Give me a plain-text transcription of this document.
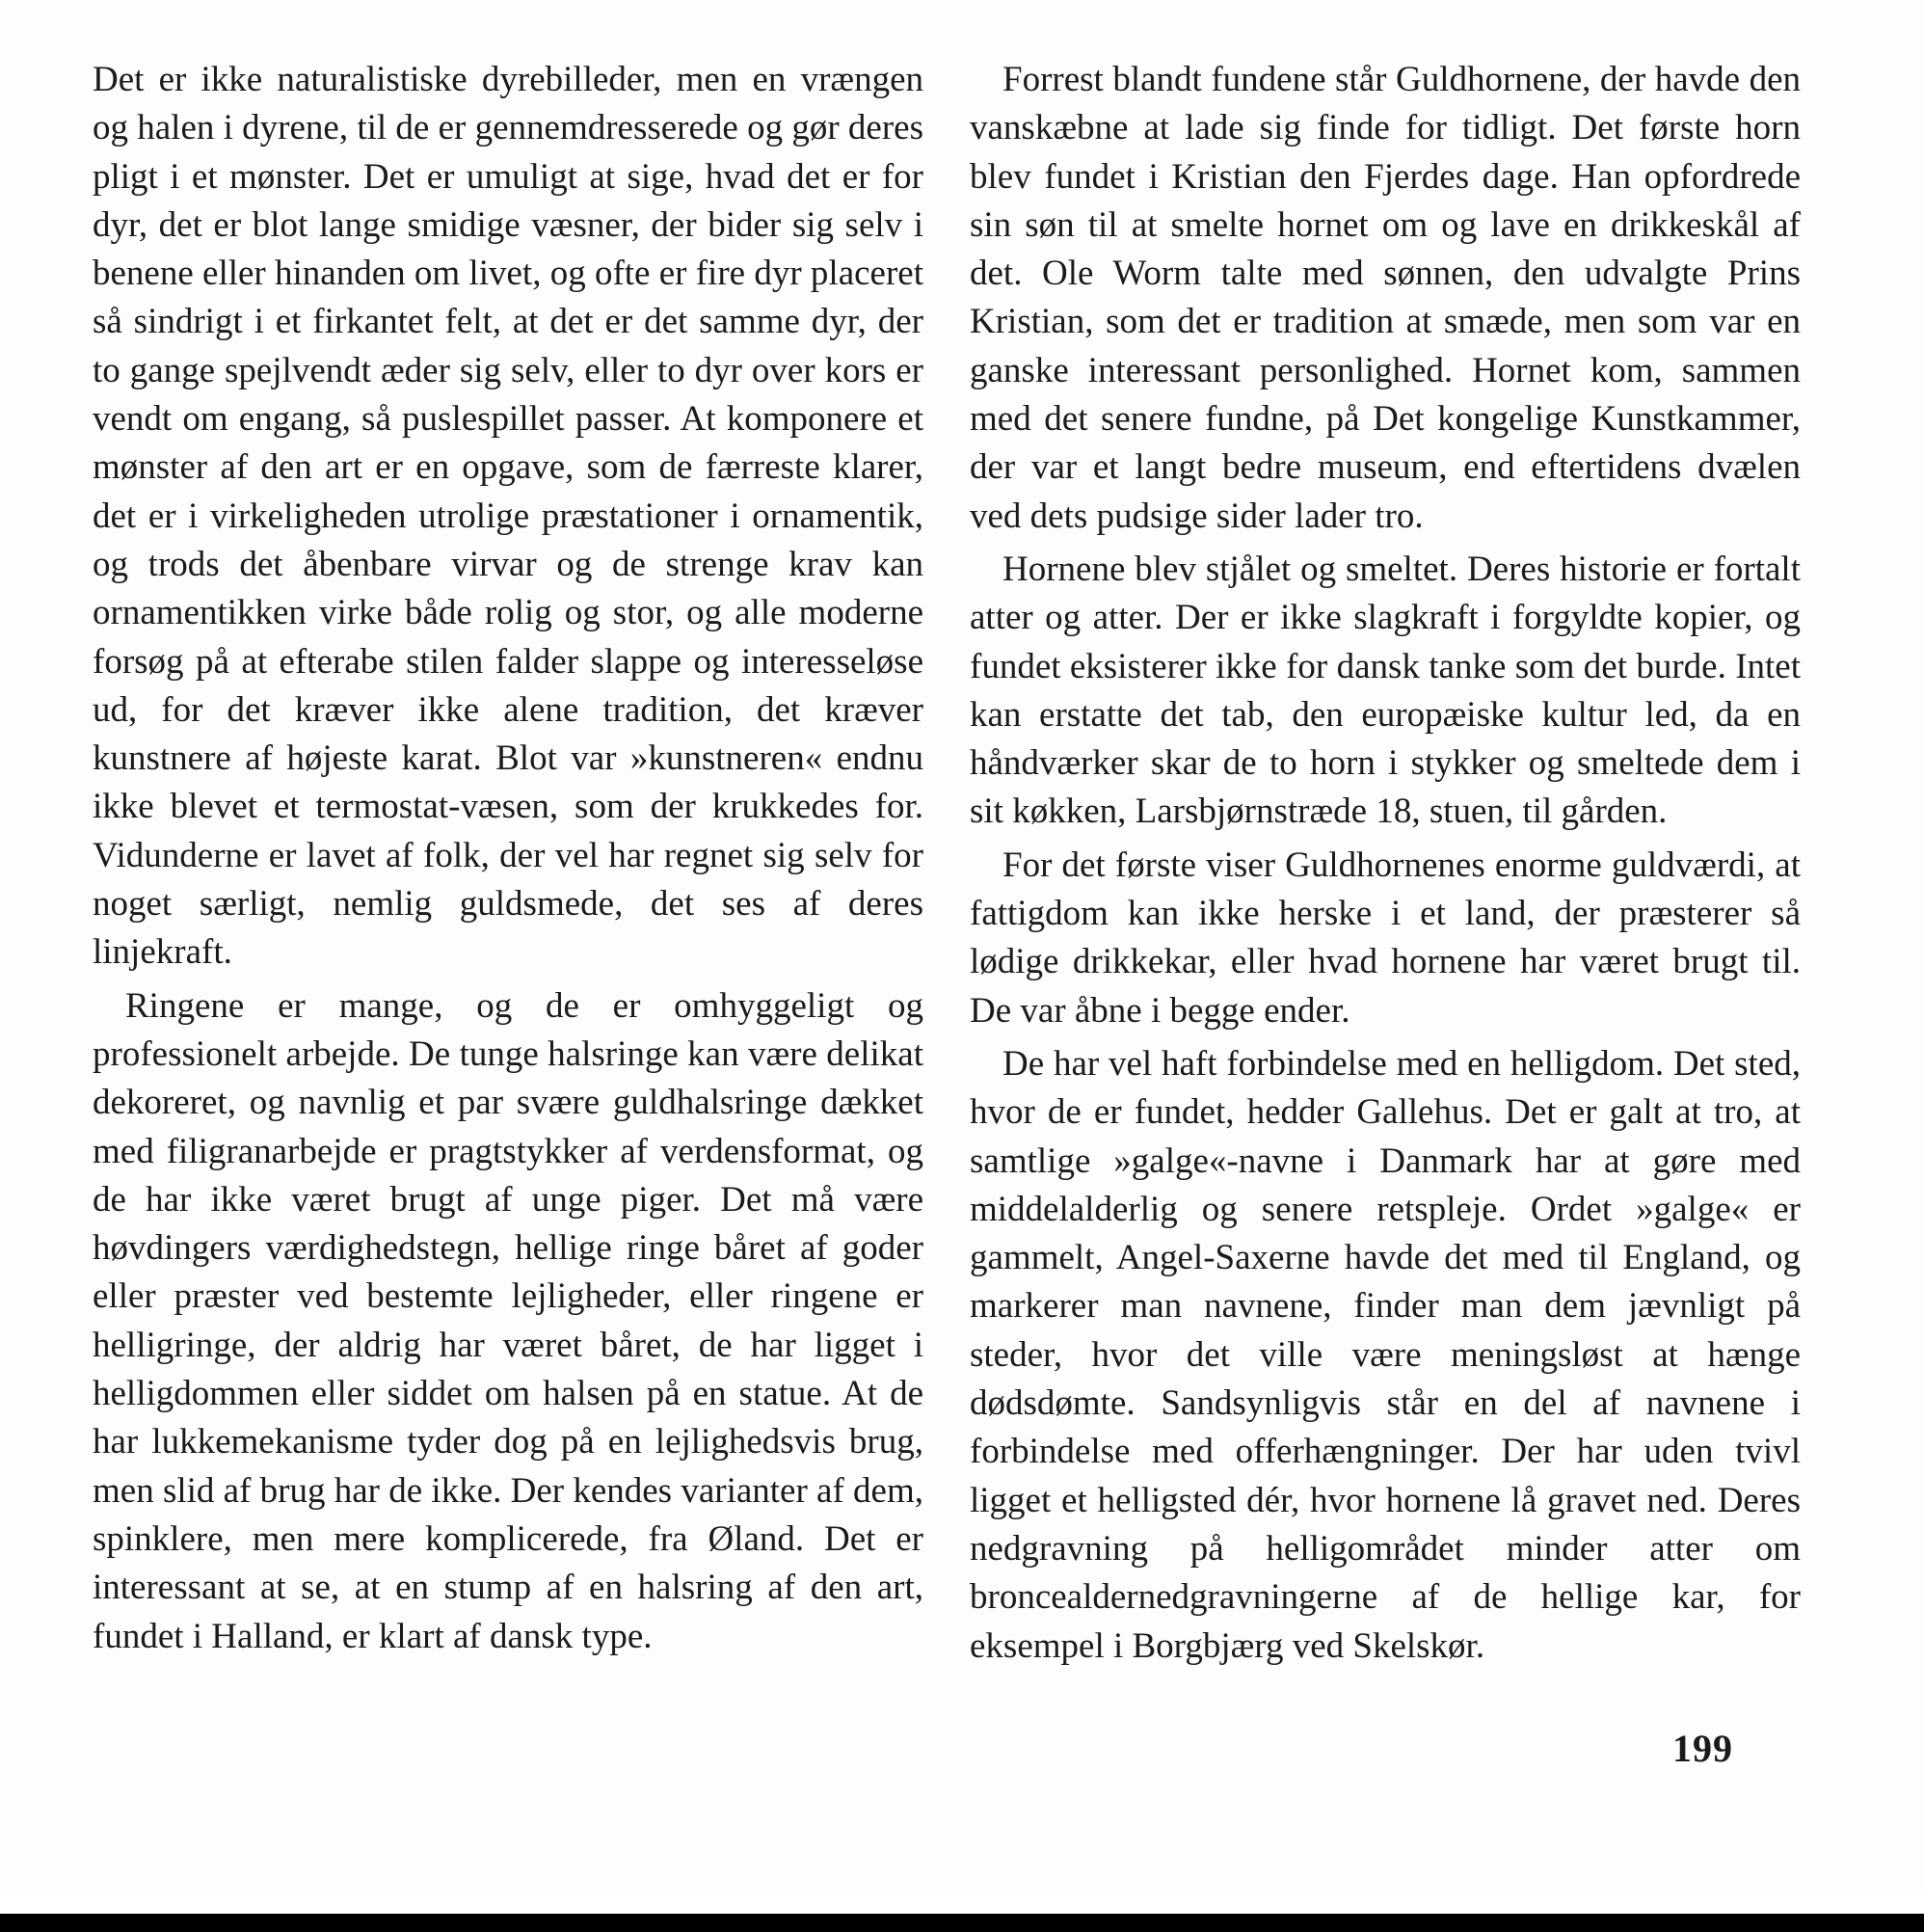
Det er ikke naturalistiske dyrebilleder, men en vrængen og halen i dyrene, til de er gennemdresserede og gør deres pligt i et mønster. Det er umuligt at sige, hvad det er for dyr, det er blot lange smidige væsner, der bider sig selv i benene eller hinanden om livet, og ofte er fire dyr placeret så sindrigt i et firkantet felt, at det er det samme dyr, der to gange spejlvendt æder sig selv, eller to dyr over kors er vendt om engang, så puslespillet passer. At komponere et mønster af den art er en opgave, som de færreste klarer, det er i virkeligheden utrolige præstationer i ornamentik, og trods det åbenbare virvar og de strenge krav kan ornamentikken virke både rolig og stor, og alle moderne forsøg på at efterabe stilen falder slappe og interesseløse ud, for det kræver ikke alene tradition, det kræver kunstnere af højeste karat. Blot var »kunstneren« endnu ikke blevet et termostat-væsen, som der krukkedes for. Vidunderne er lavet af folk, der vel har regnet sig selv for noget særligt, nemlig guldsmede, det ses af deres linjekraft.

Ringene er mange, og de er omhyggeligt og professionelt arbejde. De tunge halsringe kan være delikat dekoreret, og navnlig et par svære guldhalsringe dækket med filigranarbejde er pragtstykker af verdensformat, og de har ikke været brugt af unge piger. Det må være høvdingers værdighedstegn, hellige ringe båret af goder eller præster ved bestemte lejligheder, eller ringene er helligringe, der aldrig har været båret, de har ligget i helligdommen eller siddet om halsen på en statue. At de har lukkemekanisme tyder dog på en lejlighedsvis brug, men slid af brug har de ikke. Der kendes varianter af dem, spinklere, men mere komplicerede, fra Øland. Det er interessant at se, at en stump af en halsring af den art, fundet i Halland, er klart af dansk type.

Forrest blandt fundene står Guldhornene, der havde den vanskæbne at lade sig finde for tidligt. Det første horn blev fundet i Kristian den Fjerdes dage. Han opfordrede sin søn til at smelte hornet om og lave en drikkeskål af det. Ole Worm talte med sønnen, den udvalgte Prins Kristian, som det er tradition at smæde, men som var en ganske interessant personlighed. Hornet kom, sammen med det senere fundne, på Det kongelige Kunstkammer, der var et langt bedre museum, end eftertidens dvælen ved dets pudsige sider lader tro.

Hornene blev stjålet og smeltet. Deres historie er fortalt atter og atter. Der er ikke slagkraft i forgyldte kopier, og fundet eksisterer ikke for dansk tanke som det burde. Intet kan erstatte det tab, den europæiske kultur led, da en håndværker skar de to horn i stykker og smeltede dem i sit køkken, Larsbjørnstræde 18, stuen, til gården.

For det første viser Guldhornenes enorme guldværdi, at fattigdom kan ikke herske i et land, der præsterer så lødige drikkekar, eller hvad hornene har været brugt til. De var åbne i begge ender.

De har vel haft forbindelse med en helligdom. Det sted, hvor de er fundet, hedder Gallehus. Det er galt at tro, at samtlige »galge«-navne i Danmark har at gøre med middelalderlig og senere retspleje. Ordet »galge« er gammelt, Angel-Saxerne havde det med til England, og markerer man navnene, finder man dem jævnligt på steder, hvor det ville være meningsløst at hænge dødsdømte. Sandsynligvis står en del af navnene i forbindelse med offerhængninger. Der har uden tvivl ligget et helligsted dér, hvor hornene lå gravet ned. Deres nedgravning på helligområdet minder atter om broncealdernedgravningerne af de hellige kar, for eksempel i Borgbjærg ved Skelskør.

199
